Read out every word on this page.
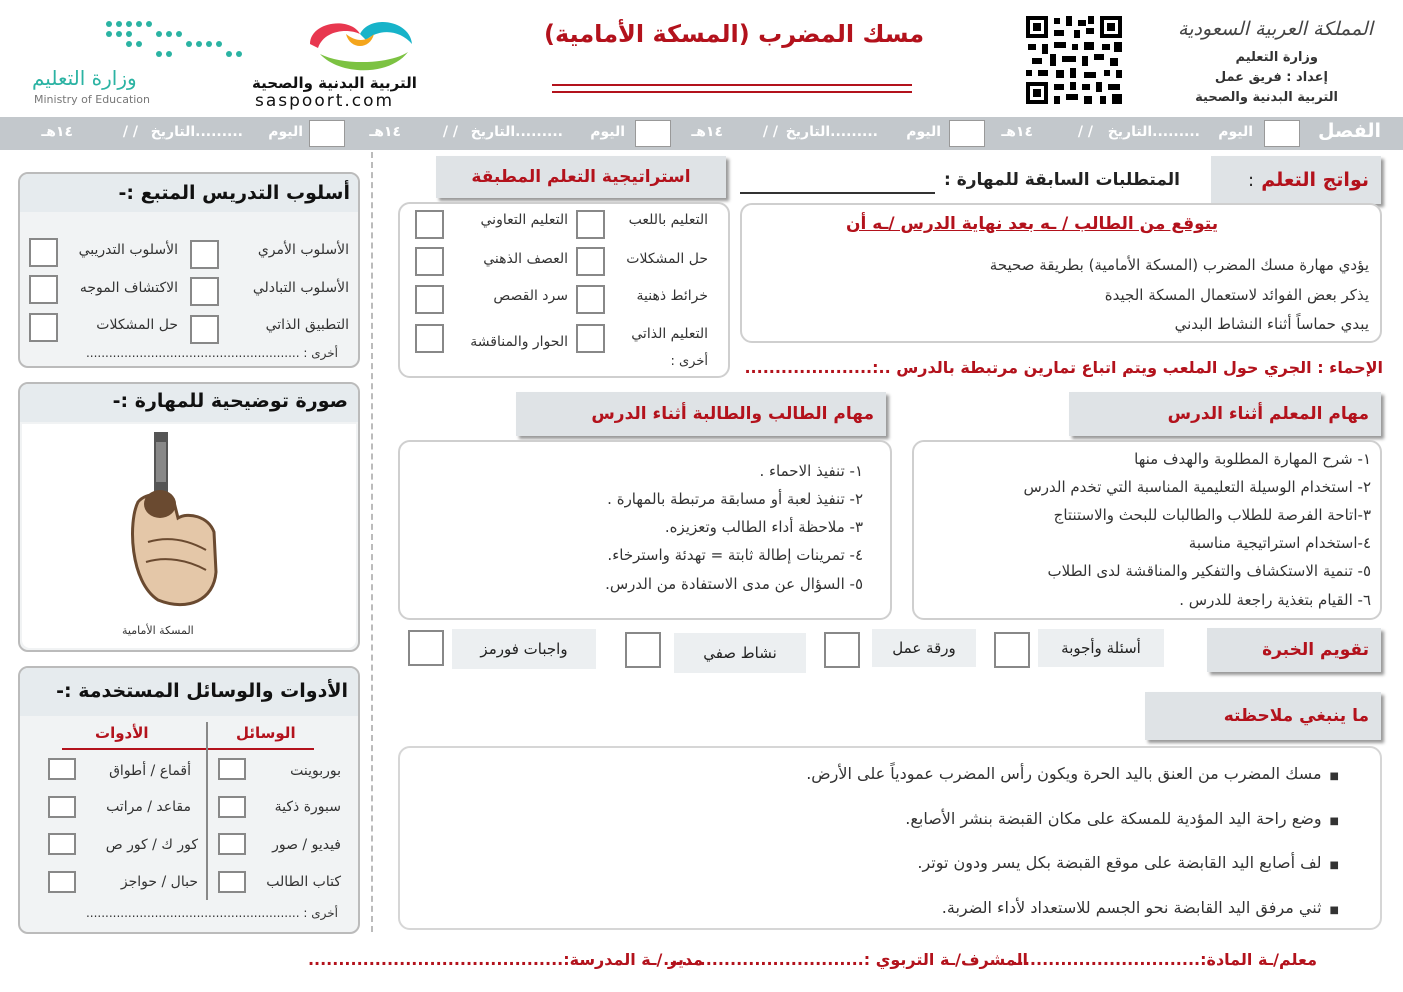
المملكة العربية السعودية
وزارة التعليم
إعداد : فريق عمل
التربية البدنية والصحية
مسك المضرب (المسكة الأمامية)
التربية البدنية والصحية
saspoort.com
وزارة التعليم
Ministry of Education
الفصل
اليوم
.........التاريخ
/ /
١٤هـ
اليوم
.........التاريخ
/ /
١٤هـ
اليوم
.........التاريخ
/ /
١٤هـ
اليوم
.........التاريخ
/ /
١٤هـ
أسلوب التدريس المتبع :-
الأسلوب الأمري
الأسلوب التبادلي
التطبيق الذاتي
الأسلوب التدريبي
الاكتشاف الموجه
حل المشكلات
أخرى : ........................................................
صورة توضيحية للمهارة :-
المسكة الأمامية
الأدوات والوسائل المستخدمة :-
الوسائل
الأدوات
بوربوينت
سبورة ذكية
فيديو / صور
كتاب الطالب
أقماع / أطواق
مقاعد / مراتب
كور ك / كور ص
حبال / حواجز
أخرى : ........................................................
نواتج التعلم
:
المتطلبات السابقة للمهارة :
يتوقع من الطالب / ـه بعد نهاية الدرس /ـه أن
يؤدي مهارة مسك المضرب (المسكة الأمامية) بطريقة صحيحة
يذكر بعض الفوائد لاستعمال المسكة الجيدة
يبدي حماساً أثناء النشاط البدني
استراتيجية التعلم المطبقة
التعليم باللعب
حل المشكلات
خرائط ذهنية
التعليم الذاتي
التعليم التعاوني
العصف الذهني
سرد القصص
الحوار والمناقشة
أخرى :	الإحماء : الجري حول الملعب ويتم اتباع تمارين مرتبطة بالدرس ..:.....................
مهام المعلم أثناء الدرس
١- شرح المهارة المطلوبة والهدف منها
٢- استخدام الوسيلة التعليمية المناسبة التي تخدم الدرس
٣-اتاحة الفرصة للطلاب والطالبات للبحث والاستنتاج
٤-استخدام استراتيجية مناسبة
٥- تنمية الاستكشاف والتفكير والمناقشة لدى الطلاب
٦- القيام بتغذية راجعة للدرس .
مهام الطالب والطالبة أثناء الدرس
١- تنفيذ الاحماء .
٢- تنفيذ لعبة أو مسابقة مرتبطة بالمهارة .
٣- ملاحظة أداء الطالب وتعزيزه.
٤- تمرينات إطالة ثابتة = تهدئة واسترخاء.
٥- السؤال عن مدى الاستفادة من الدرس.
تقويم الخبرة
أسئلة وأجوبة
ورقة عمل
نشاط صفي
واجبات فورمز
ما ينبغي ملاحظته
■مسك المضرب من العنق باليد الحرة ويكون رأس المضرب عمودياً على الأرض.
■وضع راحة اليد المؤدية للمسكة على مكان القبضة بنشر الأصابع.
■لف أصابع اليد القابضة على موقع القبضة بكل يسر ودون توتر.
■ثني مرفق اليد القابضة نحو الجسم للاستعداد لأداء الضربة.
معلم/ـة المادة:...............................
المشرف/ـة التربوي :.................................
مدير /ـة المدرسة:..........................................
